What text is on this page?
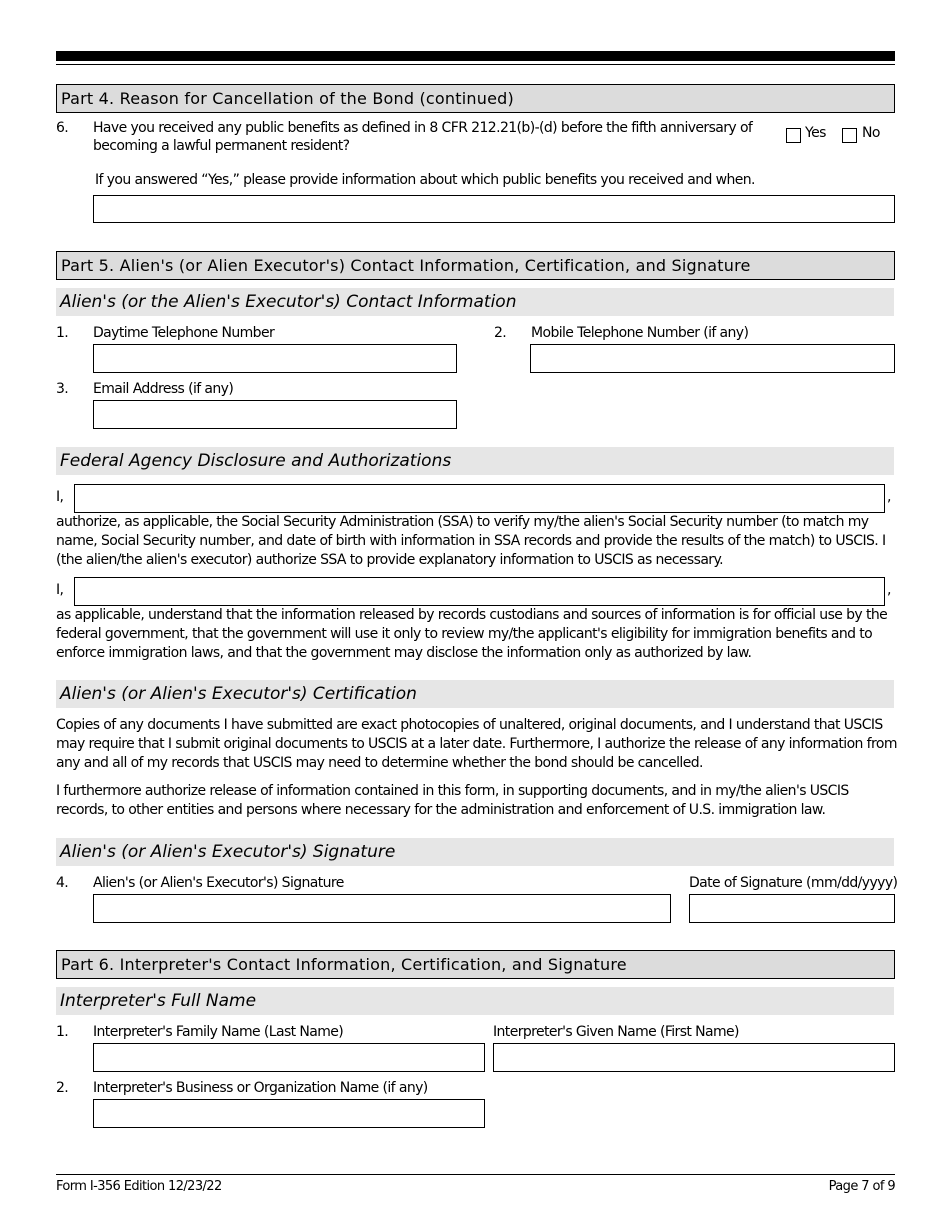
Part 4. Reason for Cancellation of the Bond (continued)
6. Have you received any public benefits as defined in 8 CFR 212.21(b)-(d) before the fifth anniversary of becoming a lawful permanent resident?
Yes	No
If you answered “Yes,” please provide information about which public benefits you received and when.
Part 5. Alien's (or Alien Executor's) Contact Information, Certification, and Signature
Alien's (or the Alien's Executor's) Contact Information
1. Daytime Telephone Number	2. Mobile Telephone Number (if any)
3. Email Address (if any)
Federal Agency Disclosure and Authorizations
I,	,
authorize, as applicable, the Social Security Administration (SSA) to verify my/the alien's Social Security number (to match my name, Social Security number, and date of birth with information in SSA records and provide the results of the match) to USCIS. I (the alien/the alien's executor) authorize SSA to provide explanatory information to USCIS as necessary.
I,	,
as applicable, understand that the information released by records custodians and sources of information is for official use by the federal government, that the government will use it only to review my/the applicant's eligibility for immigration benefits and to enforce immigration laws, and that the government may disclose the information only as authorized by law.
Alien's (or Alien's Executor's) Certification
Copies of any documents I have submitted are exact photocopies of unaltered, original documents, and I understand that USCIS may require that I submit original documents to USCIS at a later date. Furthermore, I authorize the release of any information from any and all of my records that USCIS may need to determine whether the bond should be cancelled.
I furthermore authorize release of information contained in this form, in supporting documents, and in my/the alien's USCIS records, to other entities and persons where necessary for the administration and enforcement of U.S. immigration law.
Alien's (or Alien's Executor's) Signature
4. Alien's (or Alien's Executor's) Signature	Date of Signature (mm/dd/yyyy)
Part 6. Interpreter's Contact Information, Certification, and Signature
Interpreter's Full Name
1. Interpreter's Family Name (Last Name)	Interpreter's Given Name (First Name)
2. Interpreter's Business or Organization Name (if any)
Form I-356 Edition 12/23/22	Page 7 of 9
